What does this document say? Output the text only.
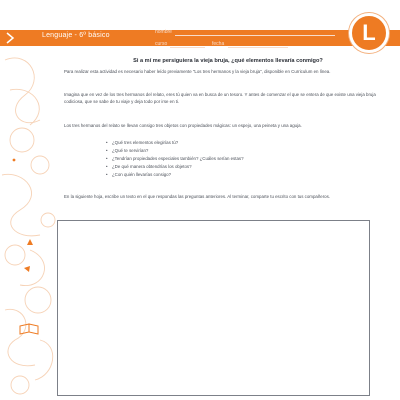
Lenguaje - 6º básico	nombre
curso	fecha	L
Si a mí me persiguiera la vieja bruja, ¿qué elementos llevaría conmigo?
Para realizar esta actividad es necesario haber leído previamente "Los tres hermanos y la vieja bruja", disponible en Curriculum en línea.
Imagina que en vez de los tres hermanos del relato, eres tú quien va en busca de un tesoro. Y antes de comenzar el que se entera de que existe una vieja bruja codiciosa, que se sabe de tu viaje y deja todo por irse en ti.
Los tres hermanos del relato se llevan consigo tres objetos con propiedades mágicas: un espejo, una peineta y una aguja.
• ¿Qué tres elementos elegirías tú?
• ¿Qué te servirían?
• ¿Tendrían propiedades especiales también? ¿Cuáles serían estas?
• ¿De qué manera obtendrías los objetos?
• ¿Con quién llevarías consigo?
En la siguiente hoja, escribe un texto en el que respondas las preguntas anteriores. Al terminar, comparte tu escrito con tus compañeros.
